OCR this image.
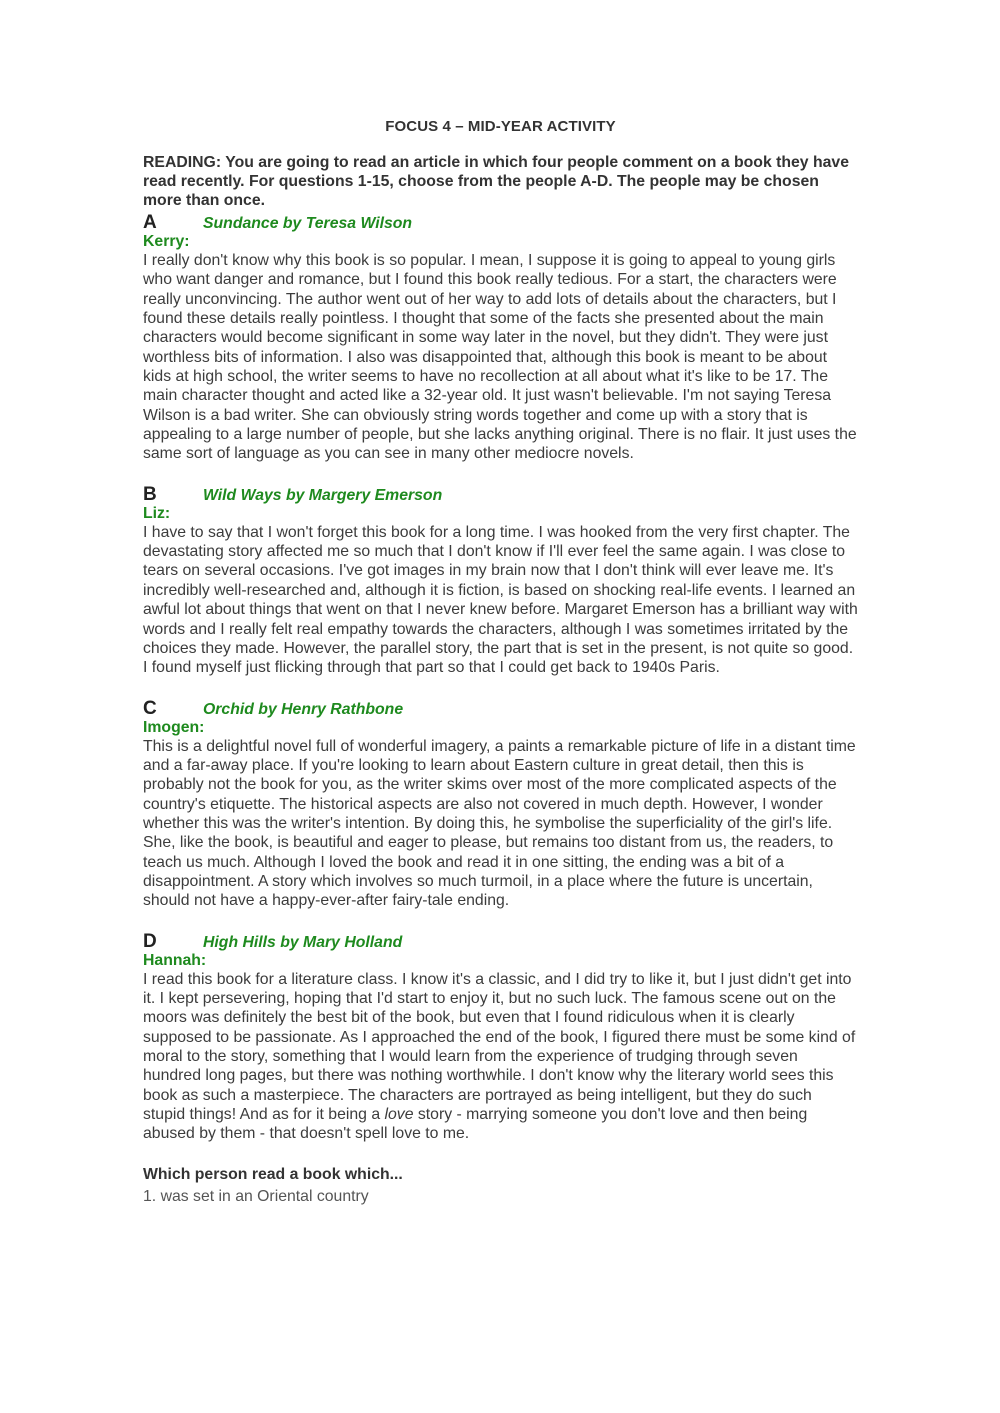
FOCUS 4 – MID-YEAR ACTIVITY
READING: You are going to read an article in which four people comment on a book they have read recently. For questions 1-15, choose from the people A-D. The people may be chosen more than once.
A	Sundance by Teresa Wilson
Kerry:

I really don't know why this book is so popular. I mean, I suppose it is going to appeal to young girls who want danger and romance, but I found this book really tedious. For a start, the characters were really unconvincing. The author went out of her way to add lots of details about the characters, but I found these details really pointless. I thought that some of the facts she presented about the main characters would become significant in some way later in the novel, but they didn't. They were just worthless bits of information. I also was disappointed that, although this book is meant to be about kids at high school, the writer seems to have no recollection at all about what it's like to be 17. The main character thought and acted like a 32-year old. It just wasn't believable. I'm not saying Teresa Wilson is a bad writer. She can obviously string words together and come up with a story that is appealing to a large number of people, but she lacks anything original. There is no flair. It just uses the same sort of language as you can see in many other mediocre novels.

B	Wild Ways by Margery Emerson
Liz:

I have to say that I won't forget this book for a long time. I was hooked from the very first chapter. The devastating story affected me so much that I don't know if I'll ever feel the same again. I was close to tears on several occasions. I've got images in my brain now that I don't think will ever leave me. It's incredibly well-researched and, although it is fiction, is based on shocking real-life events. I learned an awful lot about things that went on that I never knew before. Margaret Emerson has a brilliant way with words and I really felt real empathy towards the characters, although I was sometimes irritated by the choices they made. However, the parallel story, the part that is set in the present, is not quite so good. I found myself just flicking through that part so that I could get back to 1940s Paris.

C	Orchid by Henry Rathbone
Imogen:

This is a delightful novel full of wonderful imagery, a paints a remarkable picture of life in a distant time and a far-away place. If you're looking to learn about Eastern culture in great detail, then this is probably not the book for you, as the writer skims over most of the more complicated aspects of the country's etiquette. The historical aspects are also not covered in much depth. However, I wonder whether this was the writer's intention. By doing this, he symbolise the superficiality of the girl's life. She, like the book, is beautiful and eager to please, but remains too distant from us, the readers, to teach us much. Although I loved the book and read it in one sitting, the ending was a bit of a disappointment. A story which involves so much turmoil, in a place where the future is uncertain, should not have a happy-ever-after fairy-tale ending.

D	High Hills by Mary Holland
Hannah:

I read this book for a literature class. I know it's a classic, and I did try to like it, but I just didn't get into it. I kept persevering, hoping that I'd start to enjoy it, but no such luck. The famous scene out on the moors was definitely the best bit of the book, but even that I found ridiculous when it is clearly supposed to be passionate. As I approached the end of the book, I figured there must be some kind of moral to the story, something that I would learn from the experience of trudging through seven hundred long pages, but there was nothing worthwhile. I don't know why the literary world sees this book as such a masterpiece. The characters are portrayed as being intelligent, but they do such stupid things! And as for it being a love story - marrying someone you don't love and then being abused by them - that doesn't spell love to me.

Which person read a book which...
1. was set in an Oriental country
